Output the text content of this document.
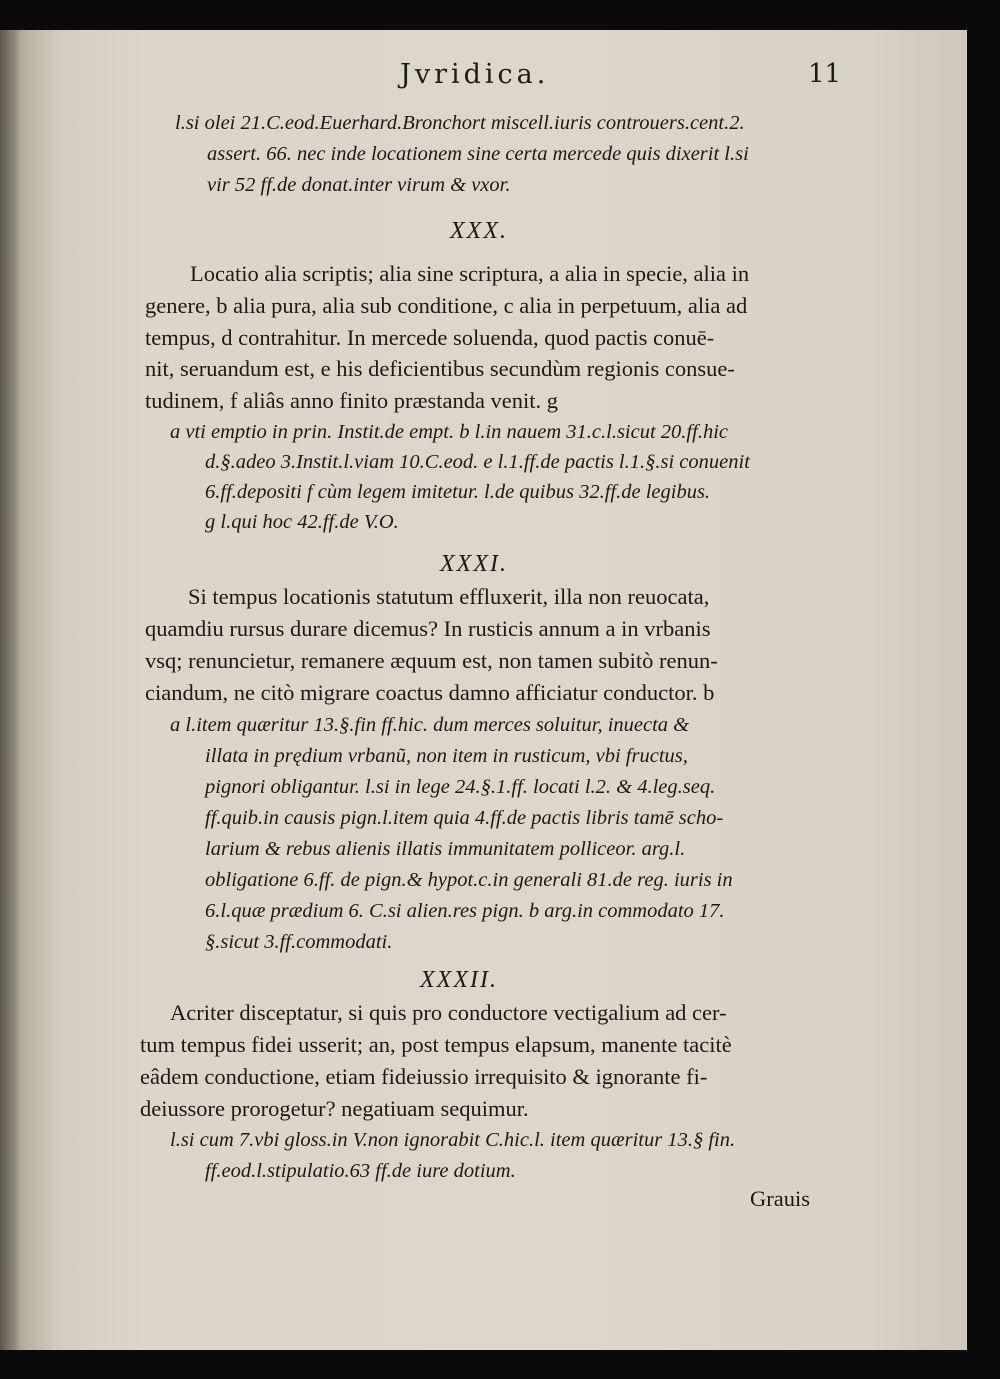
Jvridica.	11
l.si olei 21.C.eod.Euerhard.Bronchort miscell.iuris controuers.cent.2.
assert. 66. nec inde locationem sine certa mercede quis dixerit l.si
vir 52 ff.de donat.inter virum & vxor.
XXX.
Locatio alia scriptis; alia sine scriptura, a alia in specie, alia in
genere, b alia pura, alia sub conditione, c alia in perpetuum, alia ad
tempus, d contrahitur. In mercede soluenda, quod pactis conuē-
nit, seruandum est, e his deficientibus secundùm regionis consue-
tudinem, f aliâs anno finito præstanda venit. g
a vti emptio in prin. Instit.de empt. b l.in nauem 31.c.l.sicut 20.ff.hic
d.§.adeo 3.Instit.l.viam 10.C.eod. e l.1.ff.de pactis l.1.§.si conuenit
6.ff.depositi f cùm legem imitetur. l.de quibus 32.ff.de legibus.
g l.qui hoc 42.ff.de V.O.
XXXI.
Si tempus locationis statutum effluxerit, illa non reuocata,
quamdiu rursus durare dicemus? In rusticis annum a in vrbanis
vsq; renuncietur, remanere æquum est, non tamen subitò renun-
ciandum, ne citò migrare coactus damno afficiatur conductor. b
a l.item quæritur 13.§.fin ff.hic. dum merces soluitur, inuecta &
illata in prędium vrbanũ, non item in rusticum, vbi fructus,
pignori obligantur. l.si in lege 24.§.1.ff. locati l.2. & 4.leg.seq.
ff.quib.in causis pign.l.item quia 4.ff.de pactis libris tamē scho-
larium & rebus alienis illatis immunitatem polliceor. arg.l.
obligatione 6.ff. de pign.& hypot.c.in generali 81.de reg. iuris in
6.l.quæ prædium 6. C.si alien.res pign. b arg.in commodato 17.
§.sicut 3.ff.commodati.
XXXII.
Acriter disceptatur, si quis pro conductore vectigalium ad cer-
tum tempus fidei usserit; an, post tempus elapsum, manente tacitè
eâdem conductione, etiam fideiussio irrequisito & ignorante fi-
deiussore prorogetur? negatiuam sequimur.
l.si cum 7.vbi gloss.in V.non ignorabit C.hic.l. item quæritur 13.§ fin.
ff.eod.l.stipulatio.63 ff.de iure dotium.
Grauis
